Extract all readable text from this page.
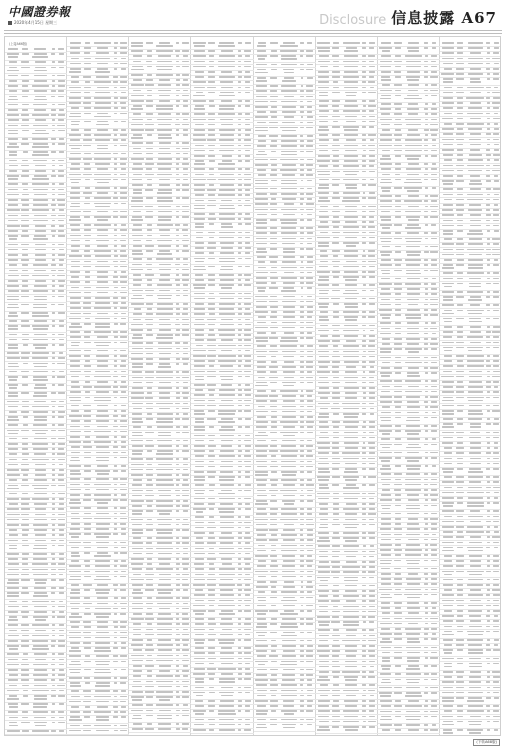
中國證券報
2020年4月15日 星期三	Disclosure 信息披露 A67
(上接A66版)
(下转A68版)
